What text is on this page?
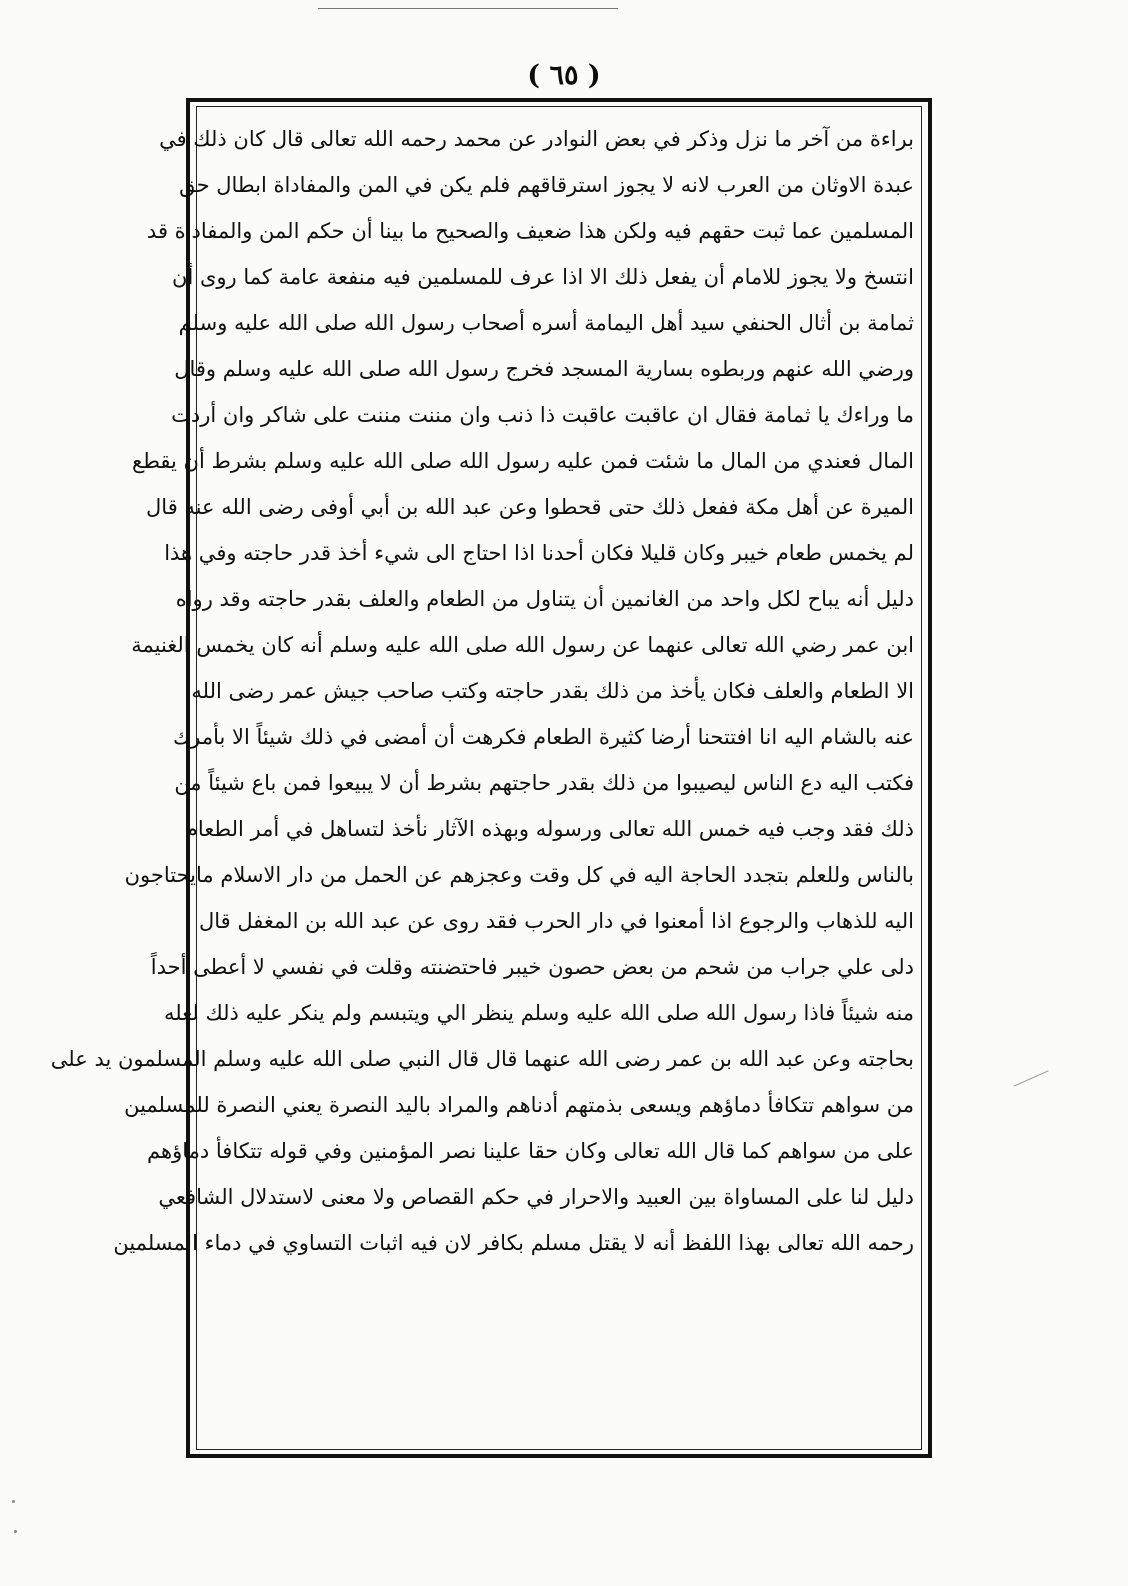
( ٦٥ )
براءة من آخر ما نزل وذكر في بعض النوادر عن محمد رحمه الله تعالى قال كان ذلك في
عبدة الاوثان من العرب لانه لا يجوز استرقاقهم فلم يكن في المن والمفاداة ابطال حق
المسلمين عما ثبت حقهم فيه ولكن هذا ضعيف والصحيح ما بينا أن حكم المن والمفاداة قد
انتسخ ولا يجوز للامام أن يفعل ذلك الا اذا عرف للمسلمين فيه منفعة عامة كما روى أن
ثمامة بن أثال الحنفي سيد أهل اليمامة أسره أصحاب رسول الله صلى الله عليه وسلم
ورضي الله عنهم وربطوه بسارية المسجد فخرج رسول الله صلى الله عليه وسلم وقال
ما وراءك يا ثمامة فقال ان عاقبت عاقبت ذا ذنب وان مننت مننت على شاكر وان أردت
المال فعندي من المال ما شئت فمن عليه رسول الله صلى الله عليه وسلم بشرط أن يقطع
الميرة عن أهل مكة ففعل ذلك حتى قحطوا وعن عبد الله بن أبي أوفى رضى الله عنه قال
لم يخمس طعام خيبر وكان قليلا فكان أحدنا اذا احتاج الى شيء أخذ قدر حاجته وفي هذا
دليل أنه يباح لكل واحد من الغانمين أن يتناول من الطعام والعلف بقدر حاجته وقد رواه
ابن عمر رضي الله تعالى عنهما عن رسول الله صلى الله عليه وسلم أنه كان يخمس الغنيمة
الا الطعام والعلف فكان يأخذ من ذلك بقدر حاجته وكتب صاحب جيش عمر رضى الله
عنه بالشام اليه انا افتتحنا أرضا كثيرة الطعام فكرهت أن أمضى في ذلك شيئاً الا بأمرك
فكتب اليه دع الناس ليصيبوا من ذلك بقدر حاجتهم بشرط أن لا يبيعوا فمن باع شيئاً من
ذلك فقد وجب فيه خمس الله تعالى ورسوله وبهذه الآثار نأخذ لتساهل في أمر الطعام
بالناس وللعلم بتجدد الحاجة اليه في كل وقت وعجزهم عن الحمل من دار الاسلام مايحتاجون
اليه للذهاب والرجوع اذا أمعنوا في دار الحرب فقد روى عن عبد الله بن المغفل قال
دلى علي جراب من شحم من بعض حصون خيبر فاحتضنته وقلت في نفسي لا أعطى أحداً
منه شيئاً فاذا رسول الله صلى الله عليه وسلم ينظر الي ويتبسم ولم ينكر عليه ذلك لعله
بحاجته وعن عبد الله بن عمر رضى الله عنهما قال قال النبي صلى الله عليه وسلم المسلمون يد على
من سواهم تتكافأ دماؤهم ويسعى بذمتهم أدناهم والمراد باليد النصرة يعني النصرة للمسلمين
على من سواهم كما قال الله تعالى وكان حقا علينا نصر المؤمنين وفي قوله تتكافأ دماؤهم
دليل لنا على المساواة بين العبيد والاحرار في حكم القصاص ولا معنى لاستدلال الشافعي
رحمه الله تعالى بهذا اللفظ أنه لا يقتل مسلم بكافر لان فيه اثبات التساوي في دماء المسلمين
